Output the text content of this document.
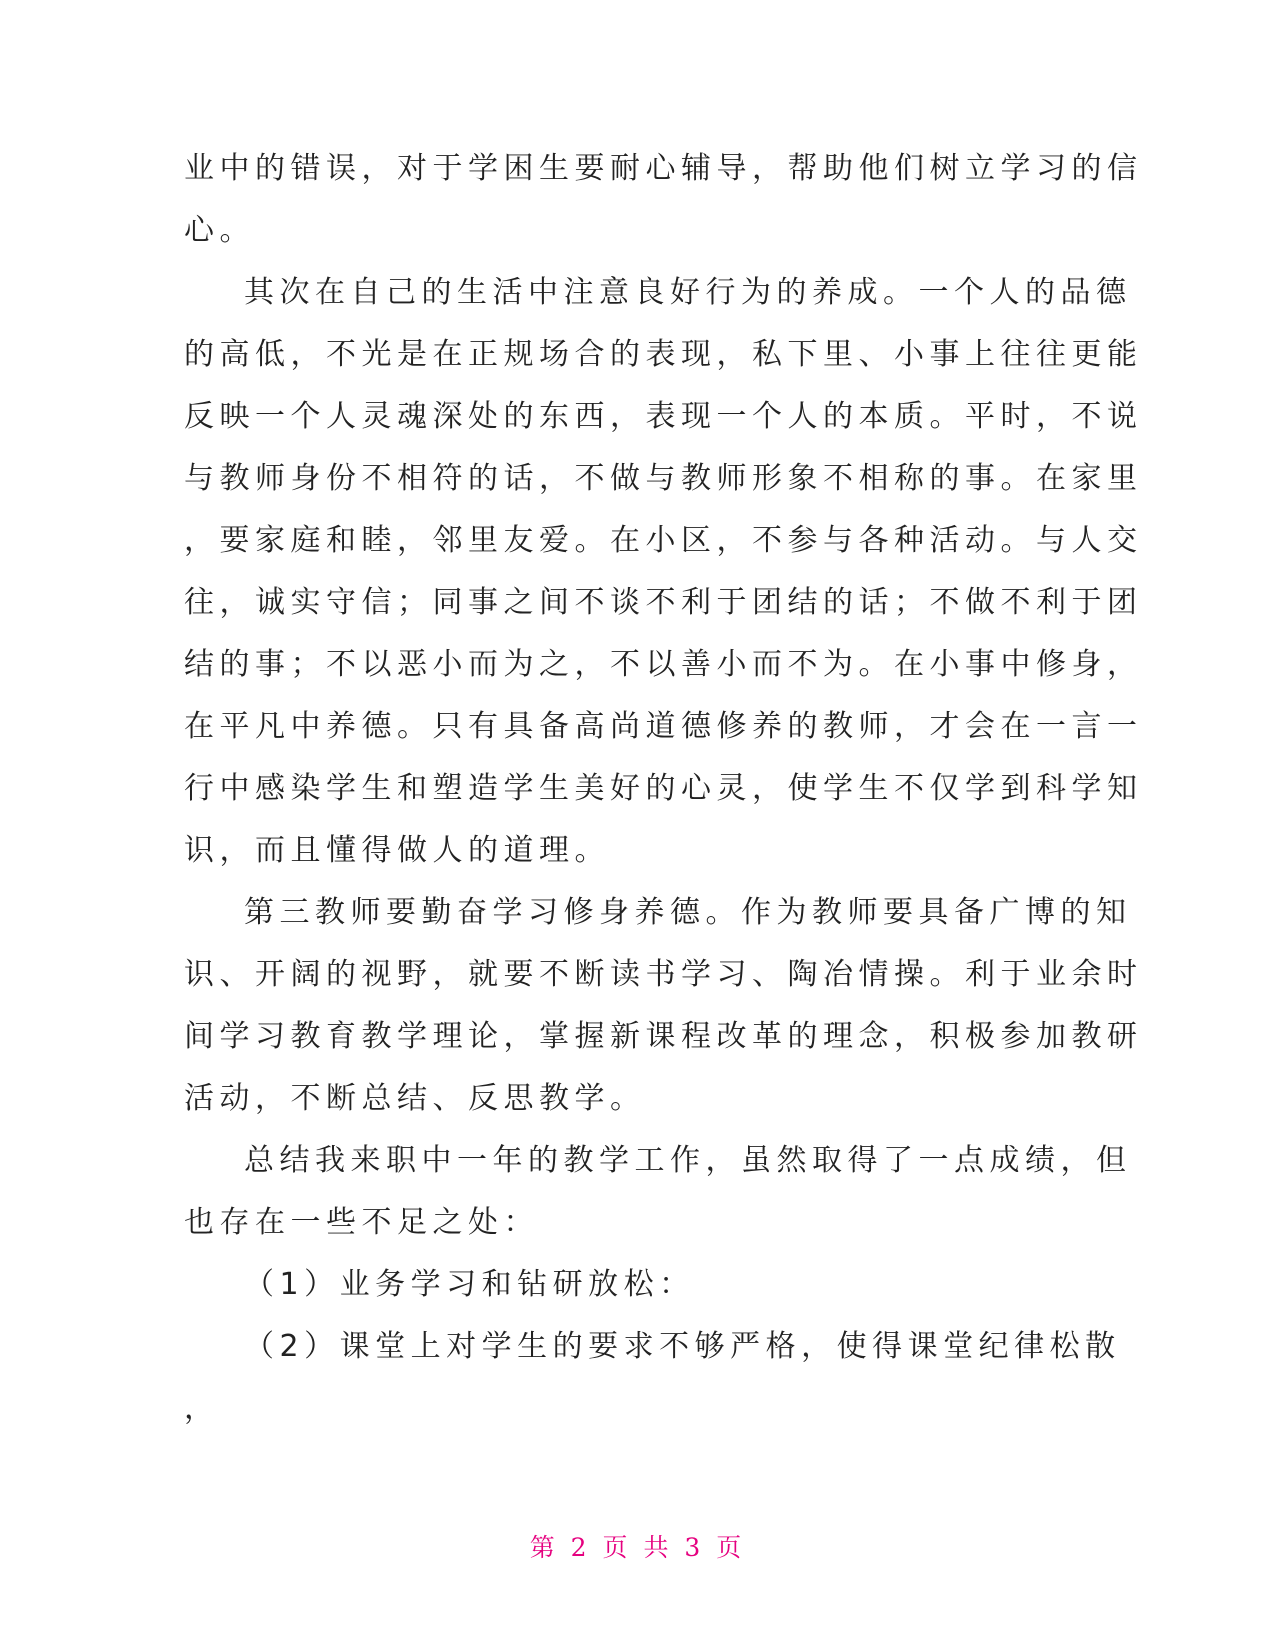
业中的错误，对于学困生要耐心辅导，帮助他们树立学习的信
心。
其次在自己的生活中注意良好行为的养成。一个人的品德
的高低，不光是在正规场合的表现，私下里、小事上往往更能
反映一个人灵魂深处的东西，表现一个人的本质。平时，不说
与教师身份不相符的话，不做与教师形象不相称的事。在家里
，要家庭和睦，邻里友爱。在小区，不参与各种活动。与人交
往，诚实守信；同事之间不谈不利于团结的话；不做不利于团
结的事；不以恶小而为之，不以善小而不为。在小事中修身，
在平凡中养德。只有具备高尚道德修养的教师，才会在一言一
行中感染学生和塑造学生美好的心灵，使学生不仅学到科学知
识，而且懂得做人的道理。
第三教师要勤奋学习修身养德。作为教师要具备广博的知
识、开阔的视野，就要不断读书学习、陶冶情操。利于业余时
间学习教育教学理论，掌握新课程改革的理念，积极参加教研
活动，不断总结、反思教学。
总结我来职中一年的教学工作，虽然取得了一点成绩，但
也存在一些不足之处：
（1）业务学习和钻研放松：
（2）课堂上对学生的要求不够严格，使得课堂纪律松散
，
第 2 页 共 3 页
